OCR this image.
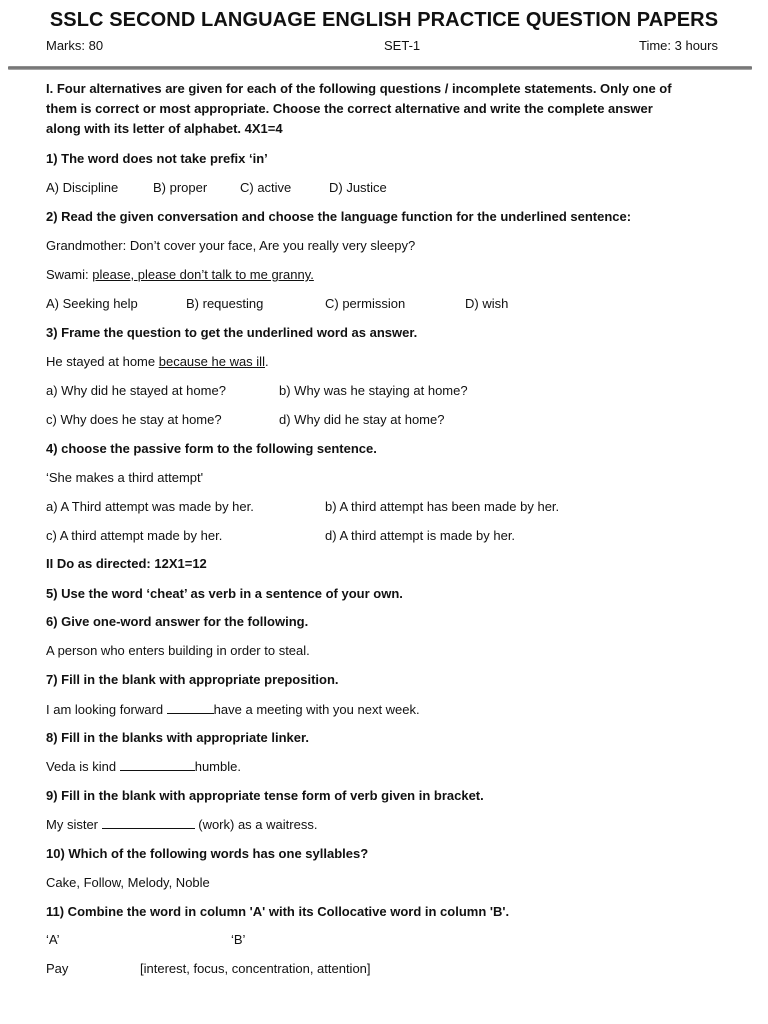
SSLC SECOND LANGUAGE ENGLISH PRACTICE QUESTION PAPERS
Marks: 80	SET-1	Time: 3 hours
I. Four alternatives are given for each of the following questions / incomplete statements. Only one of
them is correct or most appropriate. Choose the correct alternative and write the complete answer
along with its letter of alphabet. 4X1=4
1) The word does not take prefix ‘in’
A) Discipline	B) proper	C) active	D) Justice
2) Read the given conversation and choose the language function for the underlined sentence:
Grandmother: Don’t cover your face, Are you really very sleepy?
Swami: please, please don’t talk to me granny.
A) Seeking help	B) requesting	C) permission	D) wish
3) Frame the question to get the underlined word as answer.
He stayed at home because he was ill.
a) Why did he stayed at home?	b) Why was he staying at home?
c) Why does he stay at home?	d) Why did he stay at home?
4) choose the passive form to the following sentence.
‘She makes a third attempt'
a) A Third attempt was made by her.	b) A third attempt has been made by her.
c) A third attempt made by her.	d) A third attempt is made by her.
II Do as directed: 12X1=12
5) Use the word ‘cheat’ as verb in a sentence of your own.
6) Give one-word answer for the following.
A person who enters building in order to steal.
7) Fill in the blank with appropriate preposition.
I am looking forward	have a meeting with you next week.
8) Fill in the blanks with appropriate linker.
Veda is kind	humble.
9) Fill in the blank with appropriate tense form of verb given in bracket.
My sister	(work) as a waitress.
10) Which of the following words has one syllables?
Cake, Follow, Melody, Noble
11) Combine the word in column 'A' with its Collocative word in column 'B'.
‘A’	‘B’
Pay	[interest, focus, concentration, attention]
